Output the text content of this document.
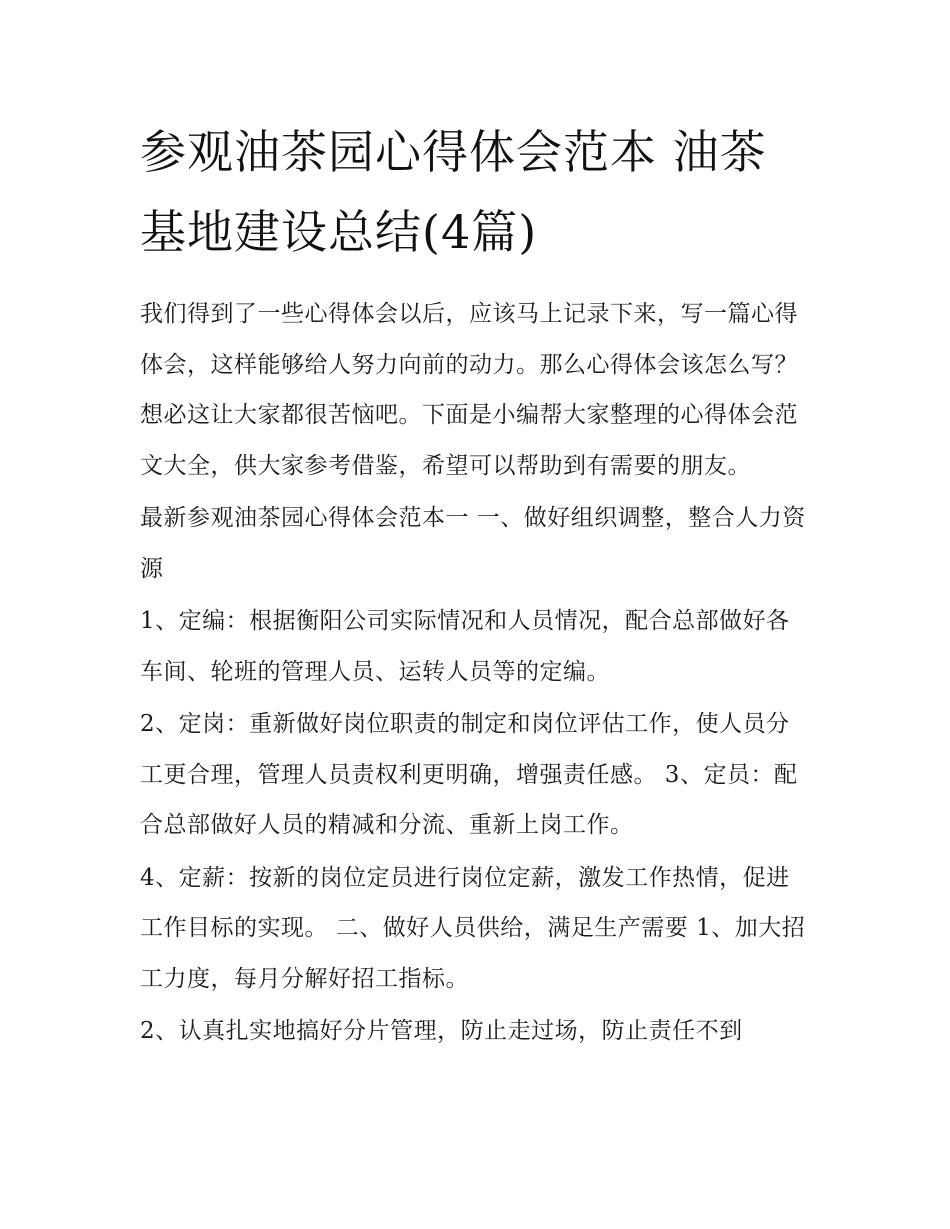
参观油茶园心得体会范本 油茶基地建设总结(4篇)

我们得到了一些心得体会以后，应该马上记录下来，写一篇心得体会，这样能够给人努力向前的动力。那么心得体会该怎么写？想必这让大家都很苦恼吧。下面是小编帮大家整理的心得体会范文大全，供大家参考借鉴，希望可以帮助到有需要的朋友。

最新参观油茶园心得体会范本一 一、做好组织调整，整合人力资源

1、定编：根据衡阳公司实际情况和人员情况，配合总部做好各车间、轮班的管理人员、运转人员等的定编。

2、定岗：重新做好岗位职责的制定和岗位评估工作，使人员分工更合理，管理人员责权利更明确，增强责任感。 3、定员：配合总部做好人员的精减和分流、重新上岗工作。

4、定薪：按新的岗位定员进行岗位定薪，激发工作热情，促进工作目标的实现。 二、做好人员供给，满足生产需要 1、加大招工力度，每月分解好招工指标。

2、认真扎实地搞好分片管理，防止走过场，防止责任不到
